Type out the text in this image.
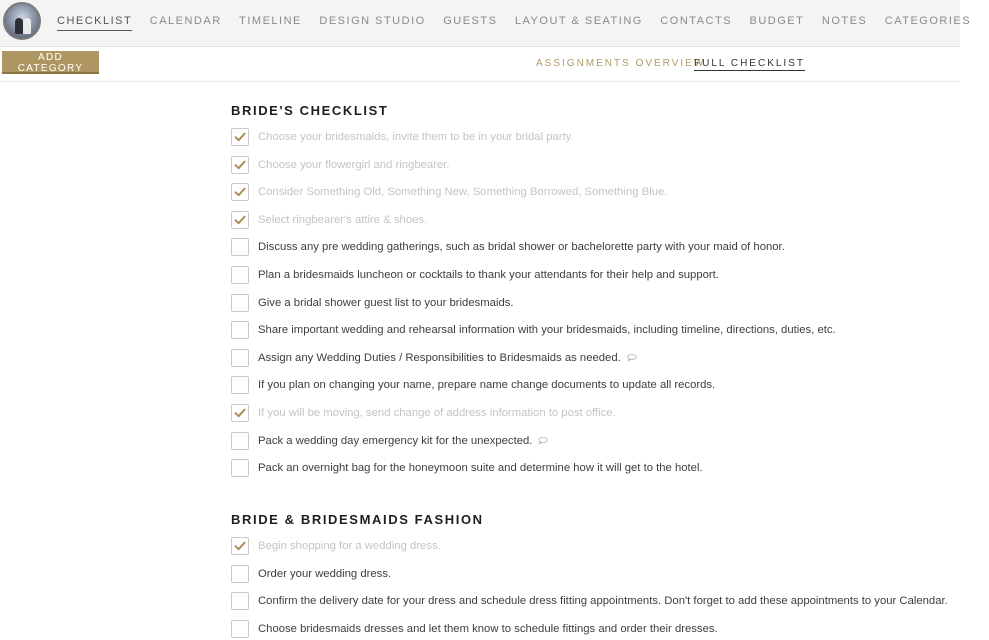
CHECKLIST CALENDAR TIMELINE DESIGN STUDIO GUESTS LAYOUT & SEATING CONTACTS BUDGET NOTES CATEGORIES
ADD CATEGORY	ASSIGNMENTS OVERVIEW
FULL CHECKLIST
BRIDE'S CHECKLIST
Choose your bridesmaids, invite them to be in your bridal party.
Choose your flowergirl and ringbearer.
Consider Something Old, Something New, Something Borrowed, Something Blue.
Select ringbearer's attire & shoes.
Discuss any pre wedding gatherings, such as bridal shower or bachelorette party with your maid of honor.
Plan a bridesmaids luncheon or cocktails to thank your attendants for their help and support.
Give a bridal shower guest list to your bridesmaids.
Share important wedding and rehearsal information with your bridesmaids, including timeline, directions, duties, etc.
Assign any Wedding Duties / Responsibilities to Bridesmaids as needed.
If you plan on changing your name, prepare name change documents to update all records.
If you will be moving, send change of address information to post office.
Pack a wedding day emergency kit for the unexpected.
Pack an overnight bag for the honeymoon suite and determine how it will get to the hotel.
BRIDE & BRIDESMAIDS FASHION
Begin shopping for a wedding dress.
Order your wedding dress.
Confirm the delivery date for your dress and schedule dress fitting appointments. Don't forget to add these appointments to your Calendar.
Choose bridesmaids dresses and let them know to schedule fittings and order their dresses.
